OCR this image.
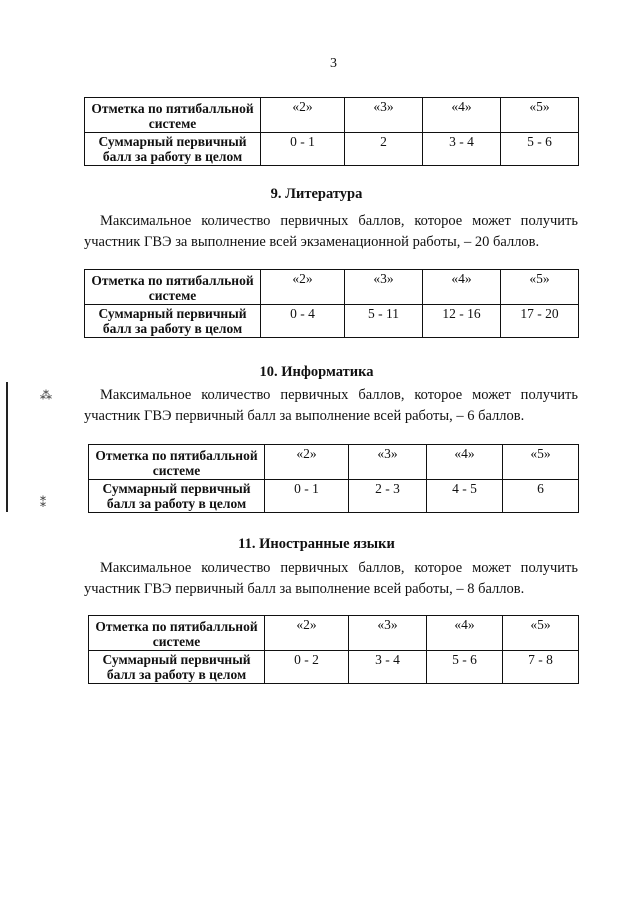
3
Отметка по пятибалльной системе	«2»	«3»	«4»	«5»
Суммарный первичный балл за работу в целом	0 - 1	2	3 - 4	5 - 6
9. Литература
Максимальное количество первичных баллов, которое может получить
участник ГВЭ за выполнение всей экзаменационной работы, – 20 баллов.
Отметка по пятибалльной системе	«2»	«3»	«4»	«5»
Суммарный первичный балл за работу в целом	0 - 4	5 - 11	12 - 16	17 - 20
10. Информатика
Максимальное количество первичных баллов, которое может получить
участник ГВЭ первичный балл за выполнение всей работы, – 6 баллов.
Отметка по пятибалльной системе	«2»	«3»	«4»	«5»
Суммарный первичный балл за работу в целом	0 - 1	2 - 3	4 - 5	6
11. Иностранные языки
Максимальное количество первичных баллов, которое может получить
участник ГВЭ первичный балл за выполнение всей работы, – 8 баллов.
Отметка по пятибалльной системе	«2»	«3»	«4»	«5»
Суммарный первичный балл за работу в целом	0 - 2	3 - 4	5 - 6	7 - 8
⁂
⁑
